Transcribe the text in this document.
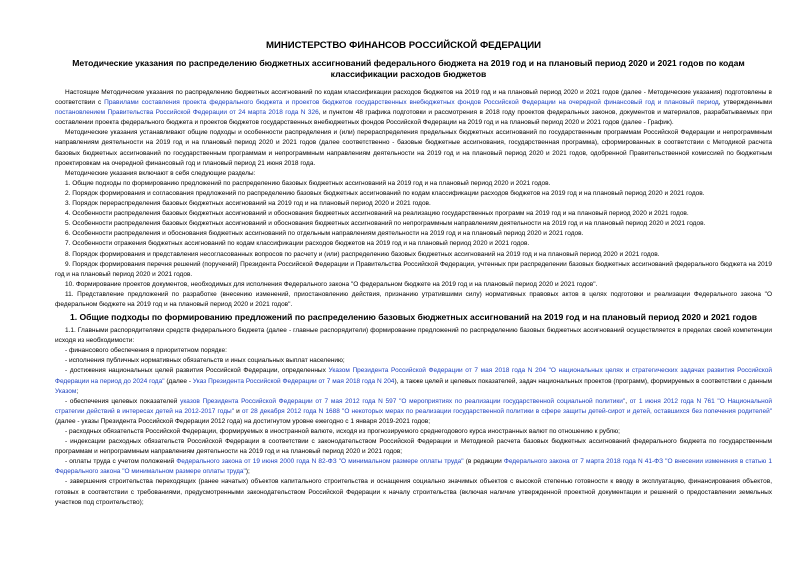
МИНИСТЕРСТВО ФИНАНСОВ РОССИЙСКОЙ ФЕДЕРАЦИИ
Методические указания по распределению бюджетных ассигнований федерального бюджета на 2019 год и на плановый период 2020 и 2021 годов по кодам классификации расходов бюджетов

Настоящие Методические указания по распределению бюджетных ассигнований по кодам классификации расходов бюджетов на 2019 год и на плановый период 2020 и 2021 годов (далее - Методические указания) подготовлены в соответствии с Правилами составления проекта федерального бюджета и проектов бюджетов государственных внебюджетных фондов Российской Федерации на очередной финансовый год и плановый период, утвержденными постановлением Правительства Российской Федерации от 24 марта 2018 года N 326, и пунктом 48 графика подготовки и рассмотрения в 2018 году проектов федеральных законов, документов и материалов, разрабатываемых при составлении проекта федерального бюджета и проектов бюджетов государственных внебюджетных фондов Российской Федерации на 2019 год и на плановый период 2020 и 2021 годов (далее - График).

Методические указания устанавливают общие подходы и особенности распределения и (или) перераспределения предельных бюджетных ассигнований по государственным программам Российской Федерации и непрограммным направлениям деятельности на 2019 год и на плановый период 2020 и 2021 годов (далее соответственно - базовые бюджетные ассигнования, государственная программа), сформированных в соответствии с Методикой расчета базовых бюджетных ассигнований по государственным программам и непрограммным направлениям деятельности на 2019 год и на плановый период 2020 и 2021 годов, одобренной Правительственной комиссией по бюджетным проектировкам на очередной финансовый год и плановый период 21 июня 2018 года.

Методические указания включают в себя следующие разделы:

1. Общие подходы по формированию предложений по распределению базовых бюджетных ассигнований на 2019 год и на плановый период 2020 и 2021 годов.

2. Порядок формирования и согласования предложений по распределению базовых бюджетных ассигнований по кодам классификации расходов бюджетов на 2019 год и на плановый период 2020 и 2021 годов.

3. Порядок перераспределения базовых бюджетных ассигнований на 2019 год и на плановый период 2020 и 2021 годов.

4. Особенности распределения базовых бюджетных ассигнований и обоснования бюджетных ассигнований на реализацию государственных программ на 2019 год и на плановый период 2020 и 2021 годов.

5. Особенности распределения базовых бюджетных ассигнований и обоснования бюджетных ассигнований по непрограммным направлениям деятельности на 2019 год и на плановый период 2020 и 2021 годов.

6. Особенности распределения и обоснования бюджетных ассигнований по отдельным направлениям деятельности на 2019 год и на плановый период 2020 и 2021 годов.

7. Особенности отражения бюджетных ассигнований по кодам классификации расходов бюджетов на 2019 год и на плановый период 2020 и 2021 годов.

8. Порядок формирования и представления несогласованных вопросов по расчету и (или) распределению базовых бюджетных ассигнований на 2019 год и на плановый период 2020 и 2021 годов.

9. Порядок формирования перечня решений (поручений) Президента Российской Федерации и Правительства Российской Федерации, учтенных при распределении базовых бюджетных ассигнований федерального бюджета на 2019 год и на плановый период 2020 и 2021 годов.

10. Формирование проектов документов, необходимых для исполнения Федерального закона "О федеральном бюджете на 2019 год и на плановый период 2020 и 2021 годов".

11. Представление предложений по разработке (внесению изменений, приостановлению действия, признанию утратившими силу) нормативных правовых актов в целях подготовки и реализации Федерального закона "О федеральном бюджете на 2019 год и на плановый период 2020 и 2021 годов".

1. Общие подходы по формированию предложений по распределению базовых бюджетных ассигнований на 2019 год и на плановый период 2020 и 2021 годов

1.1. Главными распорядителями средств федерального бюджета (далее - главные распорядители) формирование предложений по распределению базовых бюджетных ассигнований осуществляется в пределах своей компетенции исходя из необходимости:

- финансового обеспечения в приоритетном порядке:

- исполнения публичных нормативных обязательств и иных социальных выплат населению;

- достижения национальных целей развития Российской Федерации, определенных Указом Президента Российской Федерации от 7 мая 2018 года N 204 "О национальных целях и стратегических задачах развития Российской Федерации на период до 2024 года" (далее - Указ Президента Российской Федерации от 7 мая 2018 года N 204), а также целей и целевых показателей, задач национальных проектов (программ), формируемых в соответствии с данным Указом;

- обеспечения целевых показателей указов Президента Российской Федерации от 7 мая 2012 года N 597 "О мероприятиях по реализации государственной социальной политики", от 1 июня 2012 года N 761 "О Национальной стратегии действий в интересах детей на 2012-2017 годы" и от 28 декабря 2012 года N 1688 "О некоторых мерах по реализации государственной политики в сфере защиты детей-сирот и детей, оставшихся без попечения родителей" (далее - указы Президента Российской Федерации 2012 года) на достигнутом уровне ежегодно с 1 января 2019-2021 годов;

- расходных обязательств Российской Федерации, формируемых в иностранной валюте, исходя из прогнозируемого среднегодового курса иностранных валют по отношению к рублю;

- индексации расходных обязательств Российской Федерации в соответствии с законодательством Российской Федерации и Методикой расчета базовых бюджетных ассигнований федерального бюджета по государственным программам и непрограммным направлениям деятельности на 2019 год и на плановый период 2020 и 2021 годов;

- оплаты труда с учетом положений Федерального закона от 19 июня 2000 года N 82-ФЗ "О минимальном размере оплаты труда" (в редакции Федерального закона от 7 марта 2018 года N 41-ФЗ "О внесении изменения в статью 1 Федерального закона "О минимальном размере оплаты труда");

- завершения строительства переходящих (ранее начатых) объектов капитального строительства и оснащения социально значимых объектов с высокой степенью готовности к вводу в эксплуатацию, финансирования объектов, готовых в соответствии с требованиями, предусмотренными законодательством Российской Федерации к началу строительства (включая наличие утвержденной проектной документации и решений о предоставлении земельных участков под строительство);
